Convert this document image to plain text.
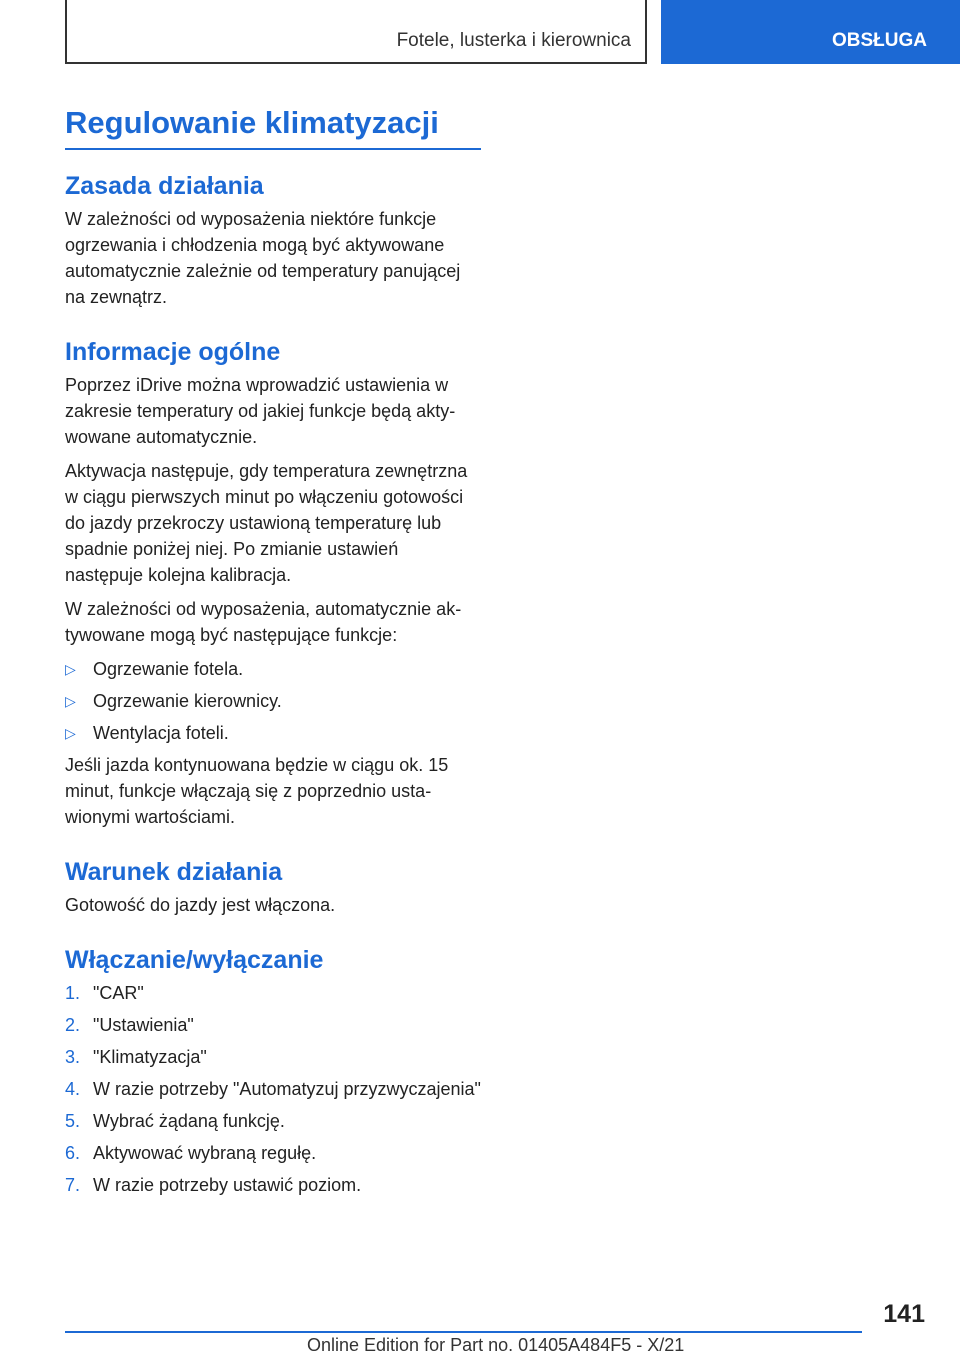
Fotele, lusterka i kierownica	OBSŁUGA
Regulowanie klimatyzacji
Zasada działania

W zależności od wyposażenia niektóre funkcje ogrzewania i chłodzenia mogą być aktywowane automatycznie zależnie od temperatury panującej na zewnątrz.

Informacje ogólne

Poprzez iDrive można wprowadzić ustawienia w zakresie temperatury od jakiej funkcje będą aktywowane automatycznie.

Aktywacja następuje, gdy temperatura zewnętrzna w ciągu pierwszych minut po włączeniu gotowości do jazdy przekroczy ustawioną temperaturę lub spadnie poniżej niej. Po zmianie ustawień następuje kolejna kalibracja.

W zależności od wyposażenia, automatycznie aktywowane mogą być następujące funkcje:

▷ Ogrzewanie fotela.
▷ Ogrzewanie kierownicy.
▷ Wentylacja foteli.

Jeśli jazda kontynuowana będzie w ciągu ok. 15 minut, funkcje włączają się z poprzednio ustawionymi wartościami.

Warunek działania

Gotowość do jazdy jest włączona.

Włączanie/wyłączanie
1. "CAR"
2. "Ustawienia"
3. "Klimatyzacja"
4. W razie potrzeby "Automatyzuj przyzwyczajenia"
5. Wybrać żądaną funkcję.
6. Aktywować wybraną regułę.
7. W razie potrzeby ustawić poziom.
141
Online Edition for Part no. 01405A484F5 - X/21
